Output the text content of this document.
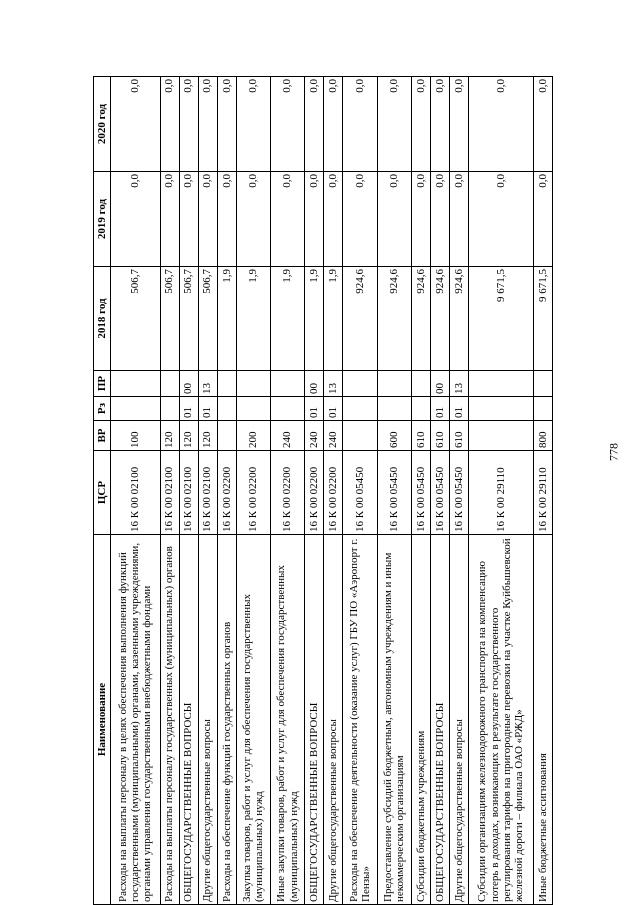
778
Наименование	ЦСР	ВР	Рз	ПР	2018 год	2019 год	2020 год
Расходы на выплаты персоналу в целях обеспечения выполнения функций государственными (муниципальными) органами, казенными учреждениями, органами управления государственными внебюджетными фондами	16 К 00 02100	100			506,7	0,0	0,0
Расходы на выплаты персоналу государственных (муниципальных) органов	16 К 00 02100	120			506,7	0,0	0,0
ОБЩЕГОСУДАРСТВЕННЫЕ ВОПРОСЫ	16 К 00 02100	120	01	00	506,7	0,0	0,0
Другие общегосударственные вопросы	16 К 00 02100	120	01	13	506,7	0,0	0,0
Расходы на обеспечение функций государственных органов	16 К 00 02200				1,9	0,0	0,0
Закупка товаров, работ и услуг для обеспечения государственных (муниципальных) нужд	16 К 00 02200	200			1,9	0,0	0,0
Иные закупки товаров, работ и услуг для обеспечения государственных (муниципальных) нужд	16 К 00 02200	240			1,9	0,0	0,0
ОБЩЕГОСУДАРСТВЕННЫЕ ВОПРОСЫ	16 К 00 02200	240	01	00	1,9	0,0	0,0
Другие общегосударственные вопросы	16 К 00 02200	240	01	13	1,9	0,0	0,0
Расходы на обеспечение деятельности (оказание услуг) ГБУ ПО «Аэропорт г. Пензы»	16 К 00 05450				924,6	0,0	0,0
Предоставление субсидий бюджетным, автономным учреждениям и иным некоммерческим организациям	16 К 00 05450	600			924,6	0,0	0,0
Субсидии бюджетным учреждениям	16 К 00 05450	610			924,6	0,0	0,0
ОБЩЕГОСУДАРСТВЕННЫЕ ВОПРОСЫ	16 К 00 05450	610	01	00	924,6	0,0	0,0
Другие общегосударственные вопросы	16 К 00 05450	610	01	13	924,6	0,0	0,0
Субсидии организациям железнодорожного транспорта на компенсацию потерь в доходах, возникающих в результате государственного регулирования тарифов на пригородные перевозки на участке Куйбышевской железной дороги – филиала ОАО «РЖД»	16 К 00 29110				9 671,5	0,0	0,0
Иные бюджетные ассигнования	16 К 00 29110	800			9 671,5	0,0	0,0
